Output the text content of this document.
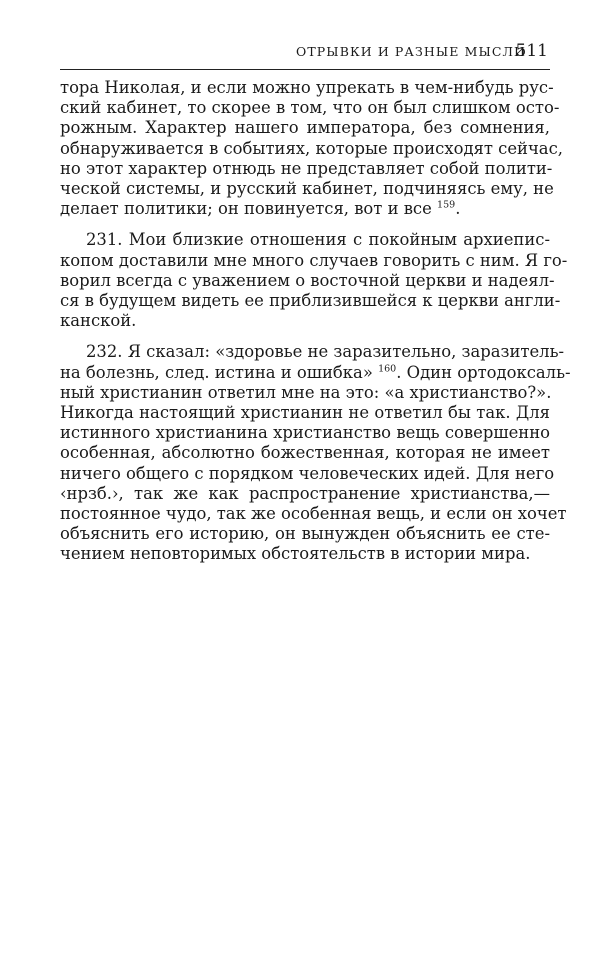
ОТРЫВКИ И РАЗНЫЕ МЫСЛИ
511

тора Николая, и если можно упрекать в чем-нибудь рус-
ский кабинет, то скорее в том, что он был слишком осто-
рожным. Характер нашего императора, без сомнения,
обнаруживается в событиях, которые происходят сейчас,
но этот характер отнюдь не представляет собой полити-
ческой системы, и русский кабинет, подчиняясь ему, не
делает политики; он повинуется, вот и все $^{159}$.

231. Мои близкие отношения с покойным архиепис-
копом доставили мне много случаев говорить с ним. Я го-
ворил всегда с уважением о восточной церкви и надеял-
ся в будущем видеть ее приблизившейся к церкви англи-
канской.

232. Я сказал: «здоровье не заразительно, заразитель-
на болезнь, след. истина и ошибка» $^{160}$. Один ортодоксаль-
ный христианин ответил мне на это: «а христианство?».
Никогда настоящий христианин не ответил бы так. Для
истинного христианина христианство вещь совершенно
особенная, абсолютно божественная, которая не имеет
ничего общего с порядком человеческих идей. Для него
‹нрзб.›, так же как распространение христианства,—
постоянное чудо, так же особенная вещь, и если он хочет
объяснить его историю, он вынужден объяснить ее сте-
чением неповторимых обстоятельств в истории мира.
